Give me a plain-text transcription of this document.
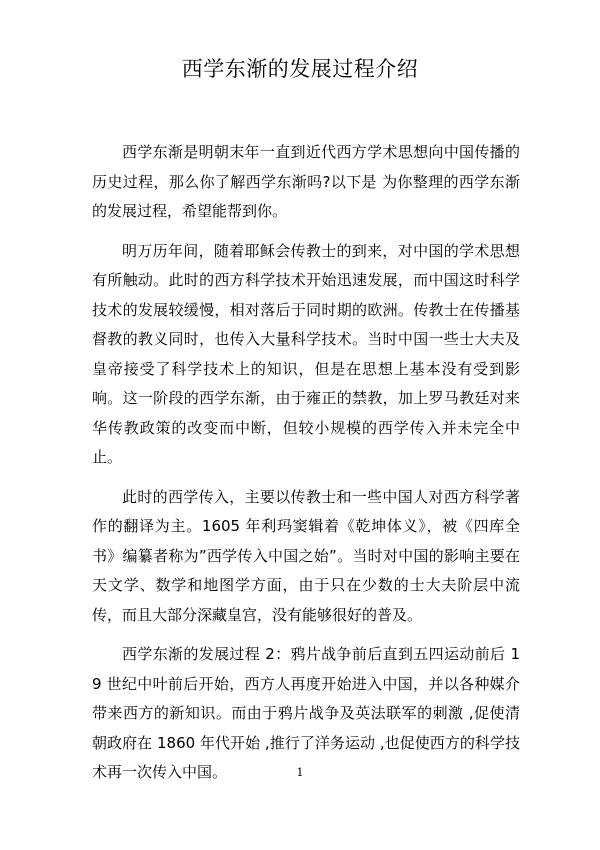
西学东渐的发展过程介绍

西学东渐是明朝末年一直到近代西方学术思想向中国传播的历史过程，那么你了解西学东渐吗?以下是 为你整理的西学东渐的发展过程，希望能帮到你。

明万历年间，随着耶稣会传教士的到来，对中国的学术思想有所触动。此时的西方科学技术开始迅速发展，而中国这时科学技术的发展较缓慢，相对落后于同时期的欧洲。传教士在传播基督教的教义同时，也传入大量科学技术。当时中国一些士大夫及皇帝接受了科学技术上的知识，但是在思想上基本没有受到影响。这一阶段的西学东渐，由于雍正的禁教，加上罗马教廷对来华传教政策的改变而中断，但较小规模的西学传入并未完全中止。

此时的西学传入，主要以传教士和一些中国人对西方科学著作的翻译为主。1605 年利玛窦辑着《乾坤体义》，被《四库全书》编纂者称为”西学传入中国之始”。当时对中国的影响主要在天文学、数学和地图学方面，由于只在少数的士大夫阶层中流传，而且大部分深藏皇宫，没有能够很好的普及。

西学东渐的发展过程 2：鸦片战争前后直到五四运动前后 19 世纪中叶前后开始，西方人再度开始进入中国，并以各种媒介带来西方的新知识。而由于鸦片战争及英法联军的刺激 ,促使清朝政府在 1860 年代开始 ,推行了洋务运动 ,也促使西方的科学技术再一次传入中国。	1
